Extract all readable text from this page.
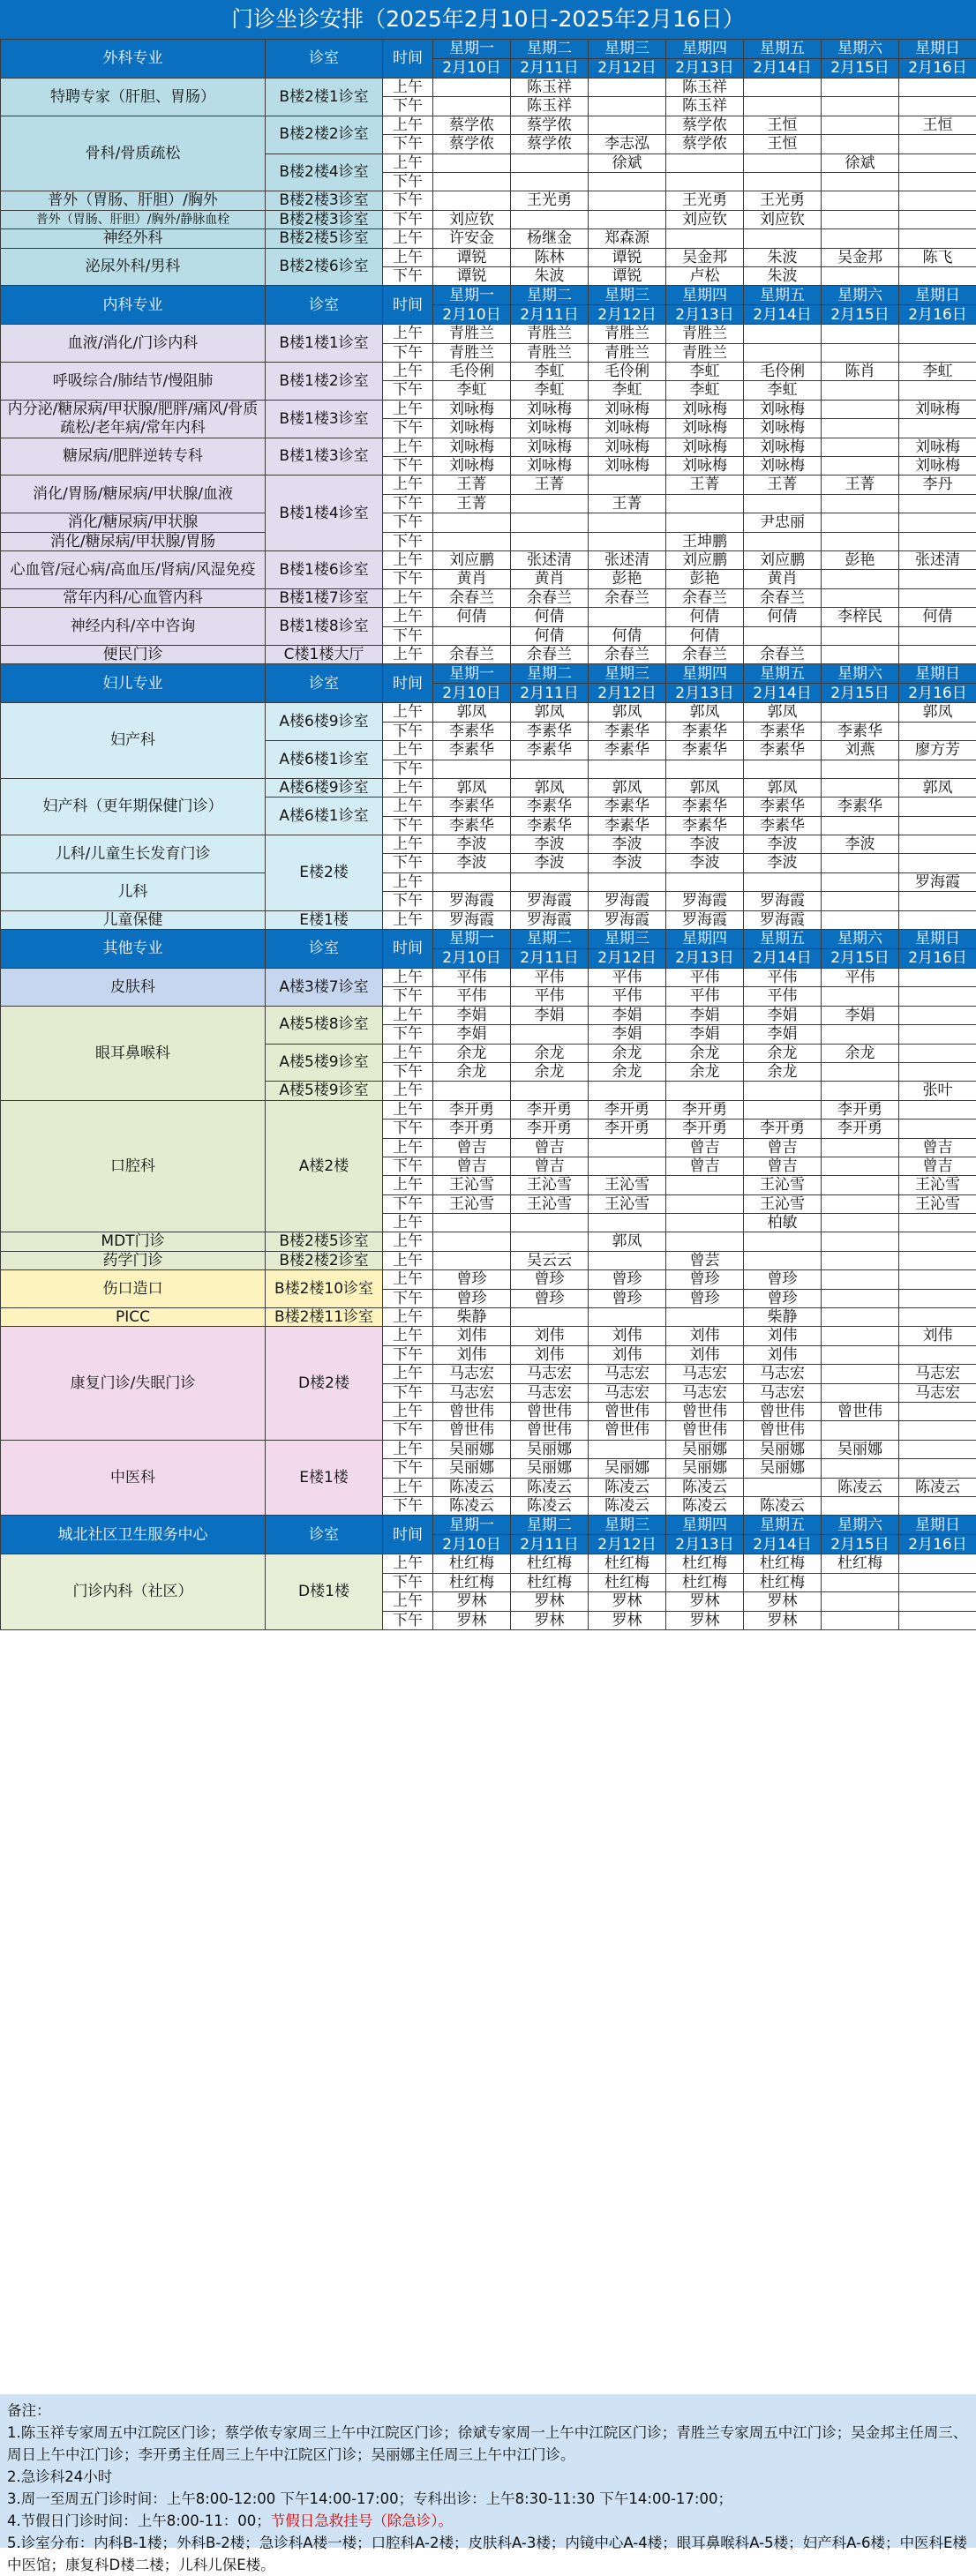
门诊坐诊安排（2025年2月10日-2025年2月16日）
外科专业	诊室	时间	星期一	星期二	星期三	星期四	星期五	星期六	星期日
			2月10日	2月11日	2月12日	2月13日	2月14日	2月15日	2月16日
特聘专家（肝胆、胃肠）	B楼2楼1诊室	上午		陈玉祥		陈玉祥			
		下午		陈玉祥		陈玉祥			
骨科/骨质疏松	B楼2楼2诊室	上午	蔡学侬	蔡学侬		蔡学侬	王恒		王恒
		下午	蔡学侬	蔡学侬	李志泓	蔡学侬	王恒		
	B楼2楼4诊室	上午			徐斌			徐斌	
		下午							
普外（胃肠、肝胆）/胸外	B楼2楼3诊室	下午		王光勇		王光勇	王光勇		
普外（胃肠、肝胆）/胸外/静脉血栓	B楼2楼3诊室	下午	刘应钦			刘应钦	刘应钦		
神经外科	B楼2楼5诊室	上午	许安金	杨继金	郑森源				
泌尿外科/男科	B楼2楼6诊室	上午	谭锐	陈林	谭锐	吴金邦	朱波	吴金邦	陈飞
		下午	谭锐	朱波	谭锐	卢松	朱波		
内科专业	诊室	时间	星期一	星期二	星期三	星期四	星期五	星期六	星期日
			2月10日	2月11日	2月12日	2月13日	2月14日	2月15日	2月16日
血液/消化/门诊内科	B楼1楼1诊室	上午	青胜兰	青胜兰	青胜兰	青胜兰			
		下午	青胜兰	青胜兰	青胜兰	青胜兰			
呼吸综合/肺结节/慢阻肺	B楼1楼2诊室	上午	毛伶俐	李虹	毛伶俐	李虹	毛伶俐	陈肖	李虹
		下午	李虹	李虹	李虹	李虹	李虹		
内分泌/糖尿病/甲状腺/肥胖/痛风/骨质疏松/老年病/常年内科	B楼1楼3诊室	上午	刘咏梅	刘咏梅	刘咏梅	刘咏梅	刘咏梅		刘咏梅
		下午	刘咏梅	刘咏梅	刘咏梅	刘咏梅	刘咏梅		
糖尿病/肥胖逆转专科	B楼1楼3诊室	上午	刘咏梅	刘咏梅	刘咏梅	刘咏梅	刘咏梅		刘咏梅
		下午	刘咏梅	刘咏梅	刘咏梅	刘咏梅	刘咏梅		刘咏梅
消化/胃肠/糖尿病/甲状腺/血液	B楼1楼4诊室	上午	王菁	王菁		王菁	王菁	王菁	李丹
		下午	王菁		王菁				
消化/糖尿病/甲状腺		下午					尹忠丽		
消化/糖尿病/甲状腺/胃肠		下午				王坤鹏			
心血管/冠心病/高血压/肾病/风湿免疫	B楼1楼6诊室	上午	刘应鹏	张述清	张述清	刘应鹏	刘应鹏	彭艳	张述清
		下午	黄肖	黄肖	彭艳	彭艳	黄肖		
常年内科/心血管内科	B楼1楼7诊室	上午	余春兰	余春兰	余春兰	余春兰	余春兰		
神经内科/卒中咨询	B楼1楼8诊室	上午	何倩	何倩		何倩	何倩	李梓民	何倩
		下午		何倩	何倩	何倩			
便民门诊	C楼1楼大厅	上午	余春兰	余春兰	余春兰	余春兰	余春兰		
妇儿专业	诊室	时间	星期一	星期二	星期三	星期四	星期五	星期六	星期日
			2月10日	2月11日	2月12日	2月13日	2月14日	2月15日	2月16日
妇产科	A楼6楼9诊室	上午	郭凤	郭凤	郭凤	郭凤	郭凤		郭凤
		下午	李素华	李素华	李素华	李素华	李素华	李素华	
	A楼6楼1诊室	上午	李素华	李素华	李素华	李素华	李素华	刘燕	廖方芳
		下午							
妇产科（更年期保健门诊）	A楼6楼9诊室	上午	郭凤	郭凤	郭凤	郭凤	郭凤		郭凤
	A楼6楼1诊室	上午	李素华	李素华	李素华	李素华	李素华	李素华	
		下午	李素华	李素华	李素华	李素华	李素华		
儿科/儿童生长发育门诊	E楼2楼	上午	李波	李波	李波	李波	李波	李波	
		下午	李波	李波	李波	李波	李波		
儿科		上午							罗海霞
		下午	罗海霞	罗海霞	罗海霞	罗海霞	罗海霞		
儿童保健	E楼1楼	上午	罗海霞	罗海霞	罗海霞	罗海霞	罗海霞		
其他专业	诊室	时间	星期一	星期二	星期三	星期四	星期五	星期六	星期日
			2月10日	2月11日	2月12日	2月13日	2月14日	2月15日	2月16日
皮肤科	A楼3楼7诊室	上午	平伟	平伟	平伟	平伟	平伟	平伟	
		下午	平伟	平伟	平伟	平伟	平伟		
眼耳鼻喉科	A楼5楼8诊室	上午	李娟	李娟	李娟	李娟	李娟	李娟	
		下午	李娟		李娟	李娟	李娟		
	A楼5楼9诊室	上午	余龙	余龙	余龙	余龙	余龙	余龙	
		下午	余龙	余龙	余龙	余龙	余龙		
	A楼5楼9诊室	上午							张叶
口腔科	A楼2楼	上午	李开勇	李开勇	李开勇	李开勇		李开勇	
		下午	李开勇	李开勇	李开勇	李开勇	李开勇	李开勇	
		上午	曾吉	曾吉		曾吉	曾吉		曾吉
		下午	曾吉	曾吉		曾吉	曾吉		曾吉
		上午	王沁雪	王沁雪	王沁雪		王沁雪		王沁雪
		下午	王沁雪	王沁雪	王沁雪		王沁雪		王沁雪
		上午					柏敏		
MDT门诊	B楼2楼5诊室	上午			郭凤				
药学门诊	B楼2楼2诊室	上午		吴云云		曾芸			
伤口造口	B楼2楼10诊室	上午	曾珍	曾珍	曾珍	曾珍	曾珍		
		下午	曾珍	曾珍	曾珍	曾珍	曾珍		
PICC	B楼2楼11诊室	上午	柴静				柴静		
康复门诊/失眠门诊	D楼2楼	上午	刘伟	刘伟	刘伟	刘伟	刘伟		刘伟
		下午	刘伟	刘伟	刘伟	刘伟	刘伟		
		上午	马志宏	马志宏	马志宏	马志宏	马志宏		马志宏
		下午	马志宏	马志宏	马志宏	马志宏	马志宏		马志宏
		上午	曾世伟	曾世伟	曾世伟	曾世伟	曾世伟	曾世伟	
		下午	曾世伟	曾世伟	曾世伟	曾世伟	曾世伟		
中医科	E楼1楼	上午	吴丽娜	吴丽娜		吴丽娜	吴丽娜	吴丽娜	
		下午	吴丽娜	吴丽娜	吴丽娜	吴丽娜	吴丽娜		
		上午	陈凌云	陈凌云	陈凌云	陈凌云		陈凌云	陈凌云
		下午	陈凌云	陈凌云	陈凌云	陈凌云	陈凌云		
城北社区卫生服务中心	诊室	时间	星期一	星期二	星期三	星期四	星期五	星期六	星期日
			2月10日	2月11日	2月12日	2月13日	2月14日	2月15日	2月16日
门诊内科（社区）	D楼1楼	上午	杜红梅	杜红梅	杜红梅	杜红梅	杜红梅	杜红梅	
		下午	杜红梅	杜红梅	杜红梅	杜红梅	杜红梅		
		上午	罗林	罗林	罗林	罗林	罗林		
		下午	罗林	罗林	罗林	罗林	罗林		
备注：
1.陈玉祥专家周五中江院区门诊；蔡学侬专家周三上午中江院区门诊；徐斌专家周一上午中江院区门诊；青胜兰专家周五中江门诊；吴金邦主任周三、周日上午中江门诊；李开勇主任周三上午中江院区门诊；吴丽娜主任周三上午中江门诊。
2.急诊科24小时
3.周一至周五门诊时间：上午8:00-12:00 下午14:00-17:00；专科出诊：上午8:30-11:30 下午14:00-17:00；
4.节假日门诊时间：上午8:00-11：00；节假日急救挂号（除急诊）。
5.诊室分布：内科B-1楼；外科B-2楼；急诊科A楼一楼；口腔科A-2楼；皮肤科A-3楼；内镜中心A-4楼；眼耳鼻喉科A-5楼；妇产科A-6楼；中医科E楼中医馆；康复科D楼二楼；儿科儿保E楼。
